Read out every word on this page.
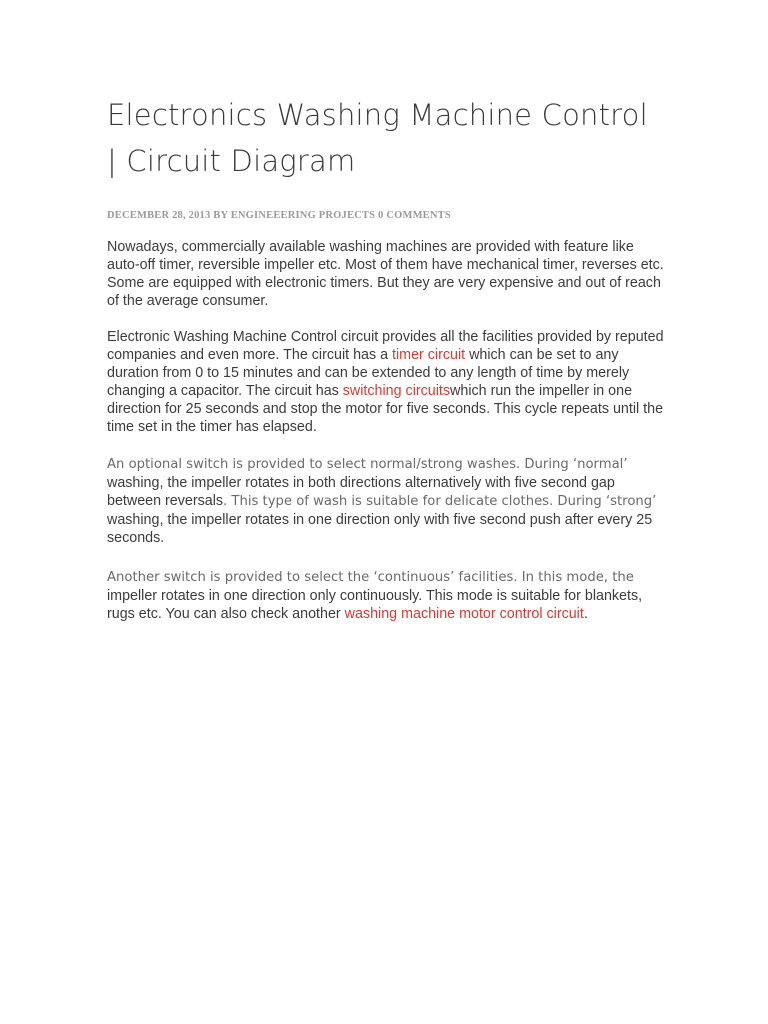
Electronics Washing Machine Control
| Circuit Diagram
DECEMBER 28, 2013 BY ENGINEEERING PROJECTS 0 COMMENTS

Nowadays, commercially available washing machines are provided with feature like auto-off timer, reversible impeller etc. Most of them have mechanical timer, reverses etc. Some are equipped with electronic timers. But they are very expensive and out of reach of the average consumer.

Electronic Washing Machine Control circuit provides all the facilities provided by reputed companies and even more. The circuit has a timer circuit which can be set to any duration from 0 to 15 minutes and can be extended to any length of time by merely changing a capacitor. The circuit has switching circuitswhich run the impeller in one direction for 25 seconds and stop the motor for five seconds. This cycle repeats until the time set in the timer has elapsed.

An optional switch is provided to select normal/strong washes. During ‘normal’ washing, the impeller rotates in both directions alternatively with five second gap between reversals. This type of wash is suitable for delicate clothes. During ‘strong’ washing, the impeller rotates in one direction only with five second push after every 25 seconds.

Another switch is provided to select the ‘continuous’ facilities. In this mode, the impeller rotates in one direction only continuously. This mode is suitable for blankets, rugs etc. You can also check another washing machine motor control circuit.
